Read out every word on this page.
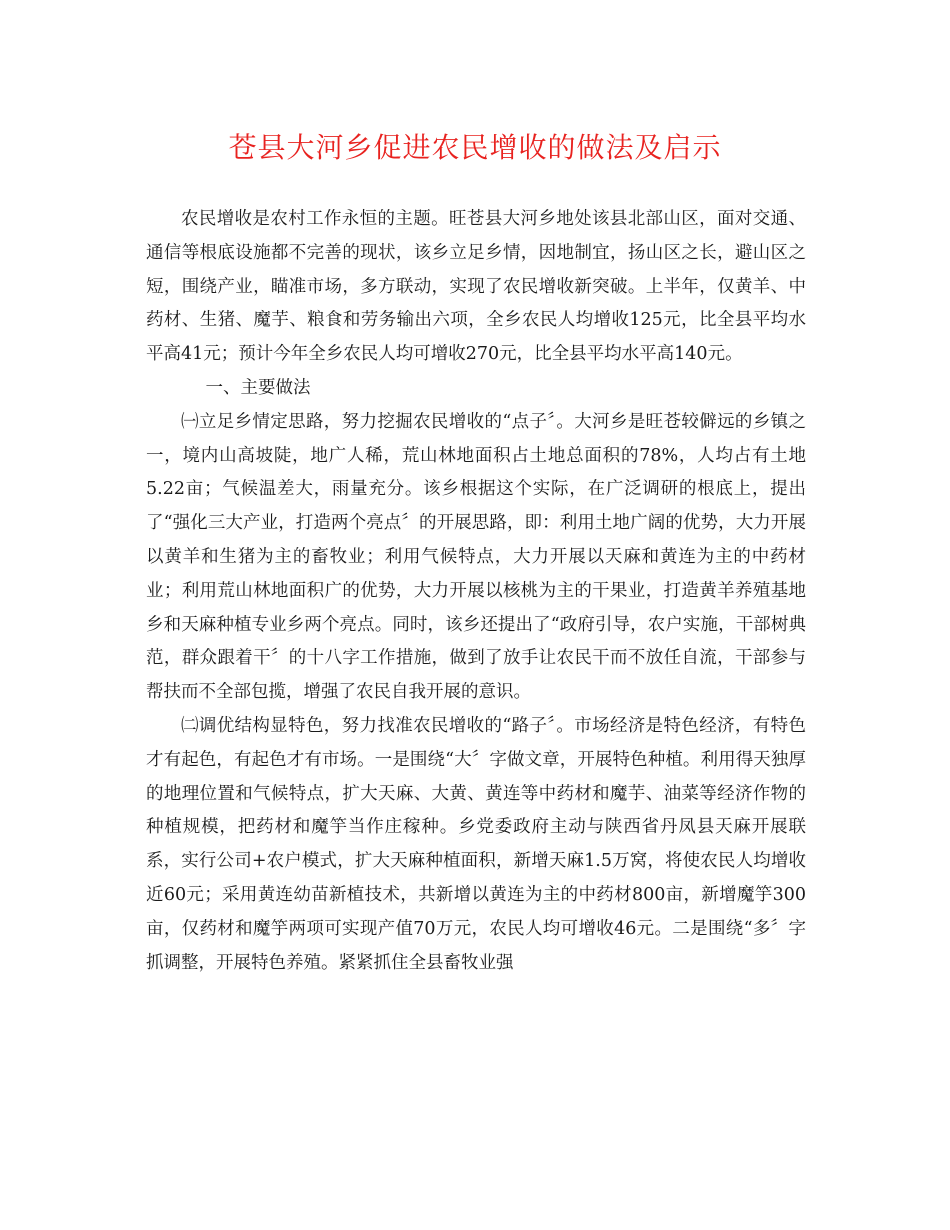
苍县大河乡促进农民增收的做法及启示

农民增收是农村工作永恒的主题。旺苍县大河乡地处该县北部山区，面对交通、通信等根底设施都不完善的现状，该乡立足乡情，因地制宜，扬山区之长，避山区之短，围绕产业，瞄准市场，多方联动，实现了农民增收新突破。上半年，仅黄羊、中药材、生猪、魔芋、粮食和劳务输出六项，全乡农民人均增收125元，比全县平均水平高41元；预计今年全乡农民人均可增收270元，比全县平均水平高140元。

一、主要做法

㈠立足乡情定思路，努力挖掘农民增收的“点子〞。大河乡是旺苍较僻远的乡镇之一，境内山高坡陡，地广人稀，荒山林地面积占土地总面积的78%，人均占有土地5.22亩；气候温差大，雨量充分。该乡根据这个实际，在广泛调研的根底上，提出了“强化三大产业，打造两个亮点〞的开展思路，即：利用土地广阔的优势，大力开展以黄羊和生猪为主的畜牧业；利用气候特点，大力开展以天麻和黄连为主的中药材业；利用荒山林地面积广的优势，大力开展以核桃为主的干果业，打造黄羊养殖基地乡和天麻种植专业乡两个亮点。同时，该乡还提出了“政府引导，农户实施，干部树典范，群众跟着干〞的十八字工作措施，做到了放手让农民干而不放任自流，干部参与帮扶而不全部包揽，增强了农民自我开展的意识。

㈡调优结构显特色，努力找准农民增收的“路子〞。市场经济是特色经济，有特色才有起色，有起色才有市场。一是围绕“大〞字做文章，开展特色种植。利用得天独厚的地理位置和气候特点，扩大天麻、大黄、黄连等中药材和魔芋、油菜等经济作物的种植规模，把药材和魔竽当作庄稼种。乡党委政府主动与陕西省丹凤县天麻开展联系，实行公司+农户模式，扩大天麻种植面积，新增天麻1.5万窝，将使农民人均增收近60元；采用黄连幼苗新植技术，共新增以黄连为主的中药材800亩，新增魔竽300亩，仅药材和魔竽两项可实现产值70万元，农民人均可增收46元。二是围绕“多〞字抓调整，开展特色养殖。紧紧抓住全县畜牧业强
